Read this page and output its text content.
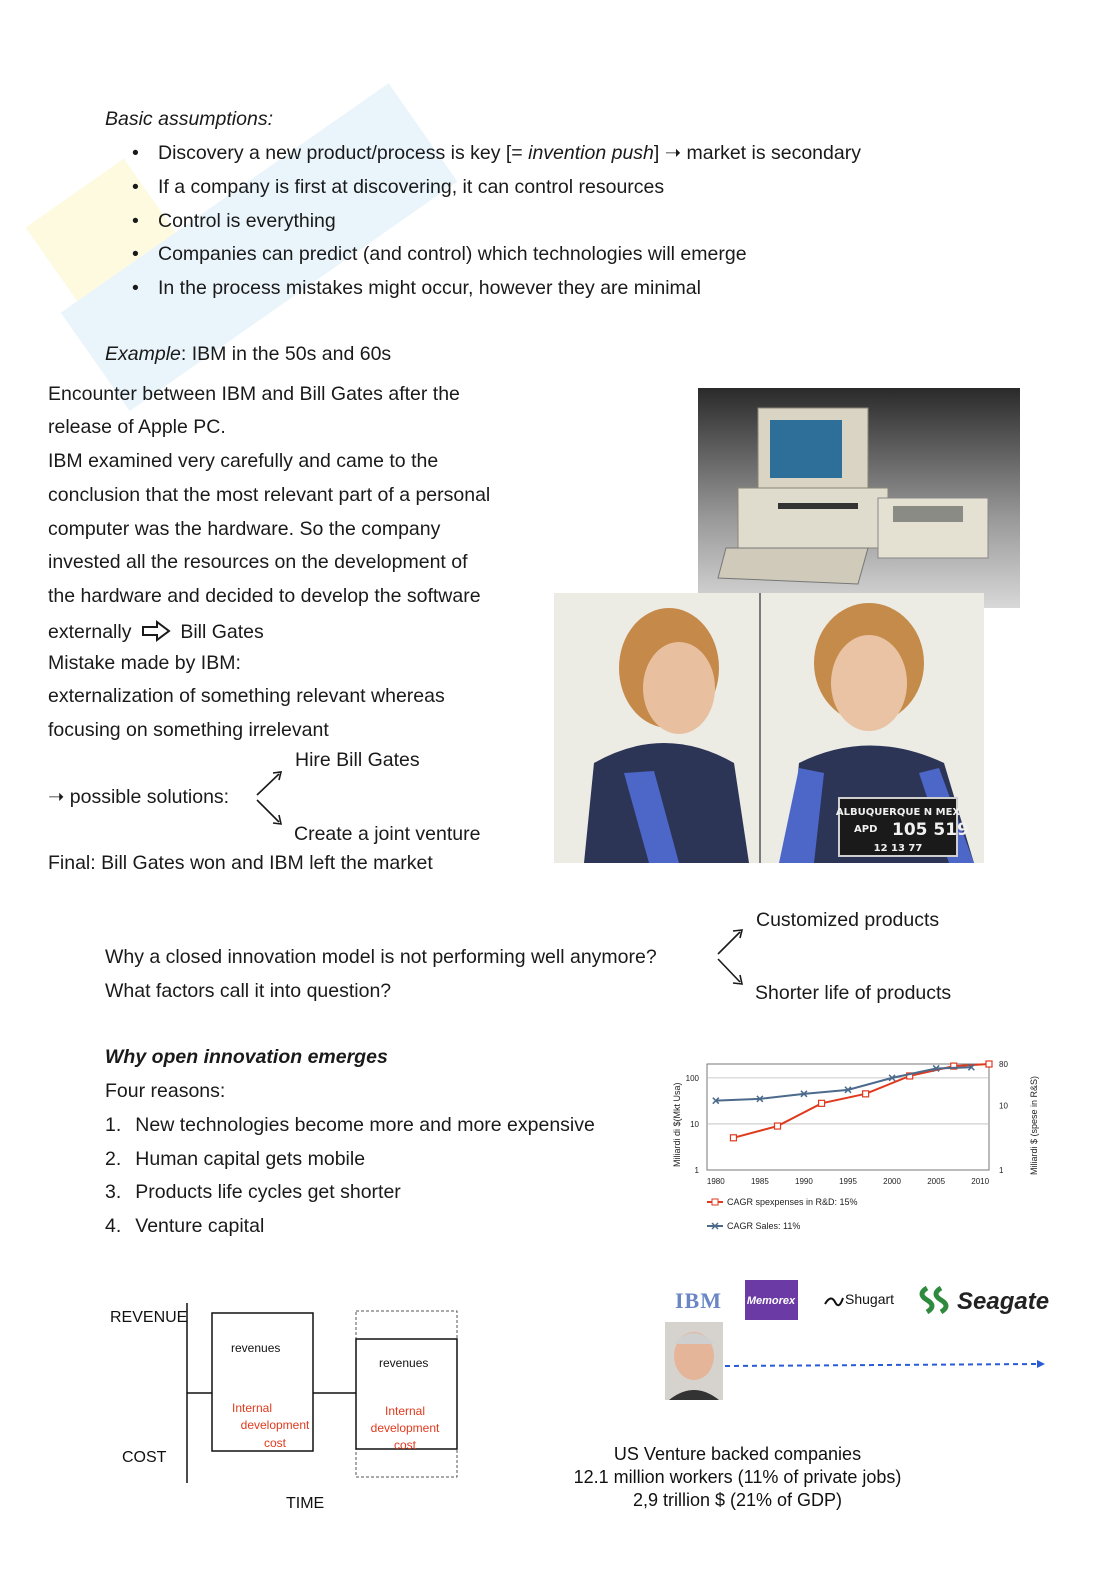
Basic assumptions:
• Discovery a new product/process is key [= invention push] ➝ market is secondary
• If a company is first at discovering, it can control resources
• Control is everything
• Companies can predict (and control) which technologies will emerge
• In the process mistakes might occur, however they are minimal
Example: IBM in the 50s and 60s
Encounter between IBM and Bill Gates after the
release of Apple PC.
IBM examined very carefully and came to the
conclusion that the most relevant part of a personal
computer was the hardware. So the company
invested all the resources on the development of
the hardware and decided to develop the software
externally	Bill Gates
Mistake made by IBM:
externalization of something relevant whereas
focusing on something irrelevant
Hire Bill Gates
➝ possible solutions:
Create a joint venture
Final: Bill Gates won and IBM left the market
ALBUQUERQUE N MEX
APD 105 519
12 13 77
Customized products
Why a closed innovation model is not performing well anymore?
What factors call it into question?	Shorter life of products
Why open innovation emerges
Four reasons:
1. New technologies become more and more expensive
2. Human capital gets mobile
3. Products life cycles get shorter
4. Venture capital
1
10
100
1
10
80
1980	1985	1990	1995	2000	2005	2010
Miliardi di $(Mkt Usa)	Miliardi $ (spese in R&S)
CAGR spexpenses in R&D: 15%
CAGR Sales: 11%
REVENUE
COST
TIME
revenues
Internal
development
cost
revenues
Internal
development
cost
IBM Memorex	Shugart	Seagate
US Venture backed companies
12.1 million workers (11% of private jobs)
2,9 trillion $ (21% of GDP)
